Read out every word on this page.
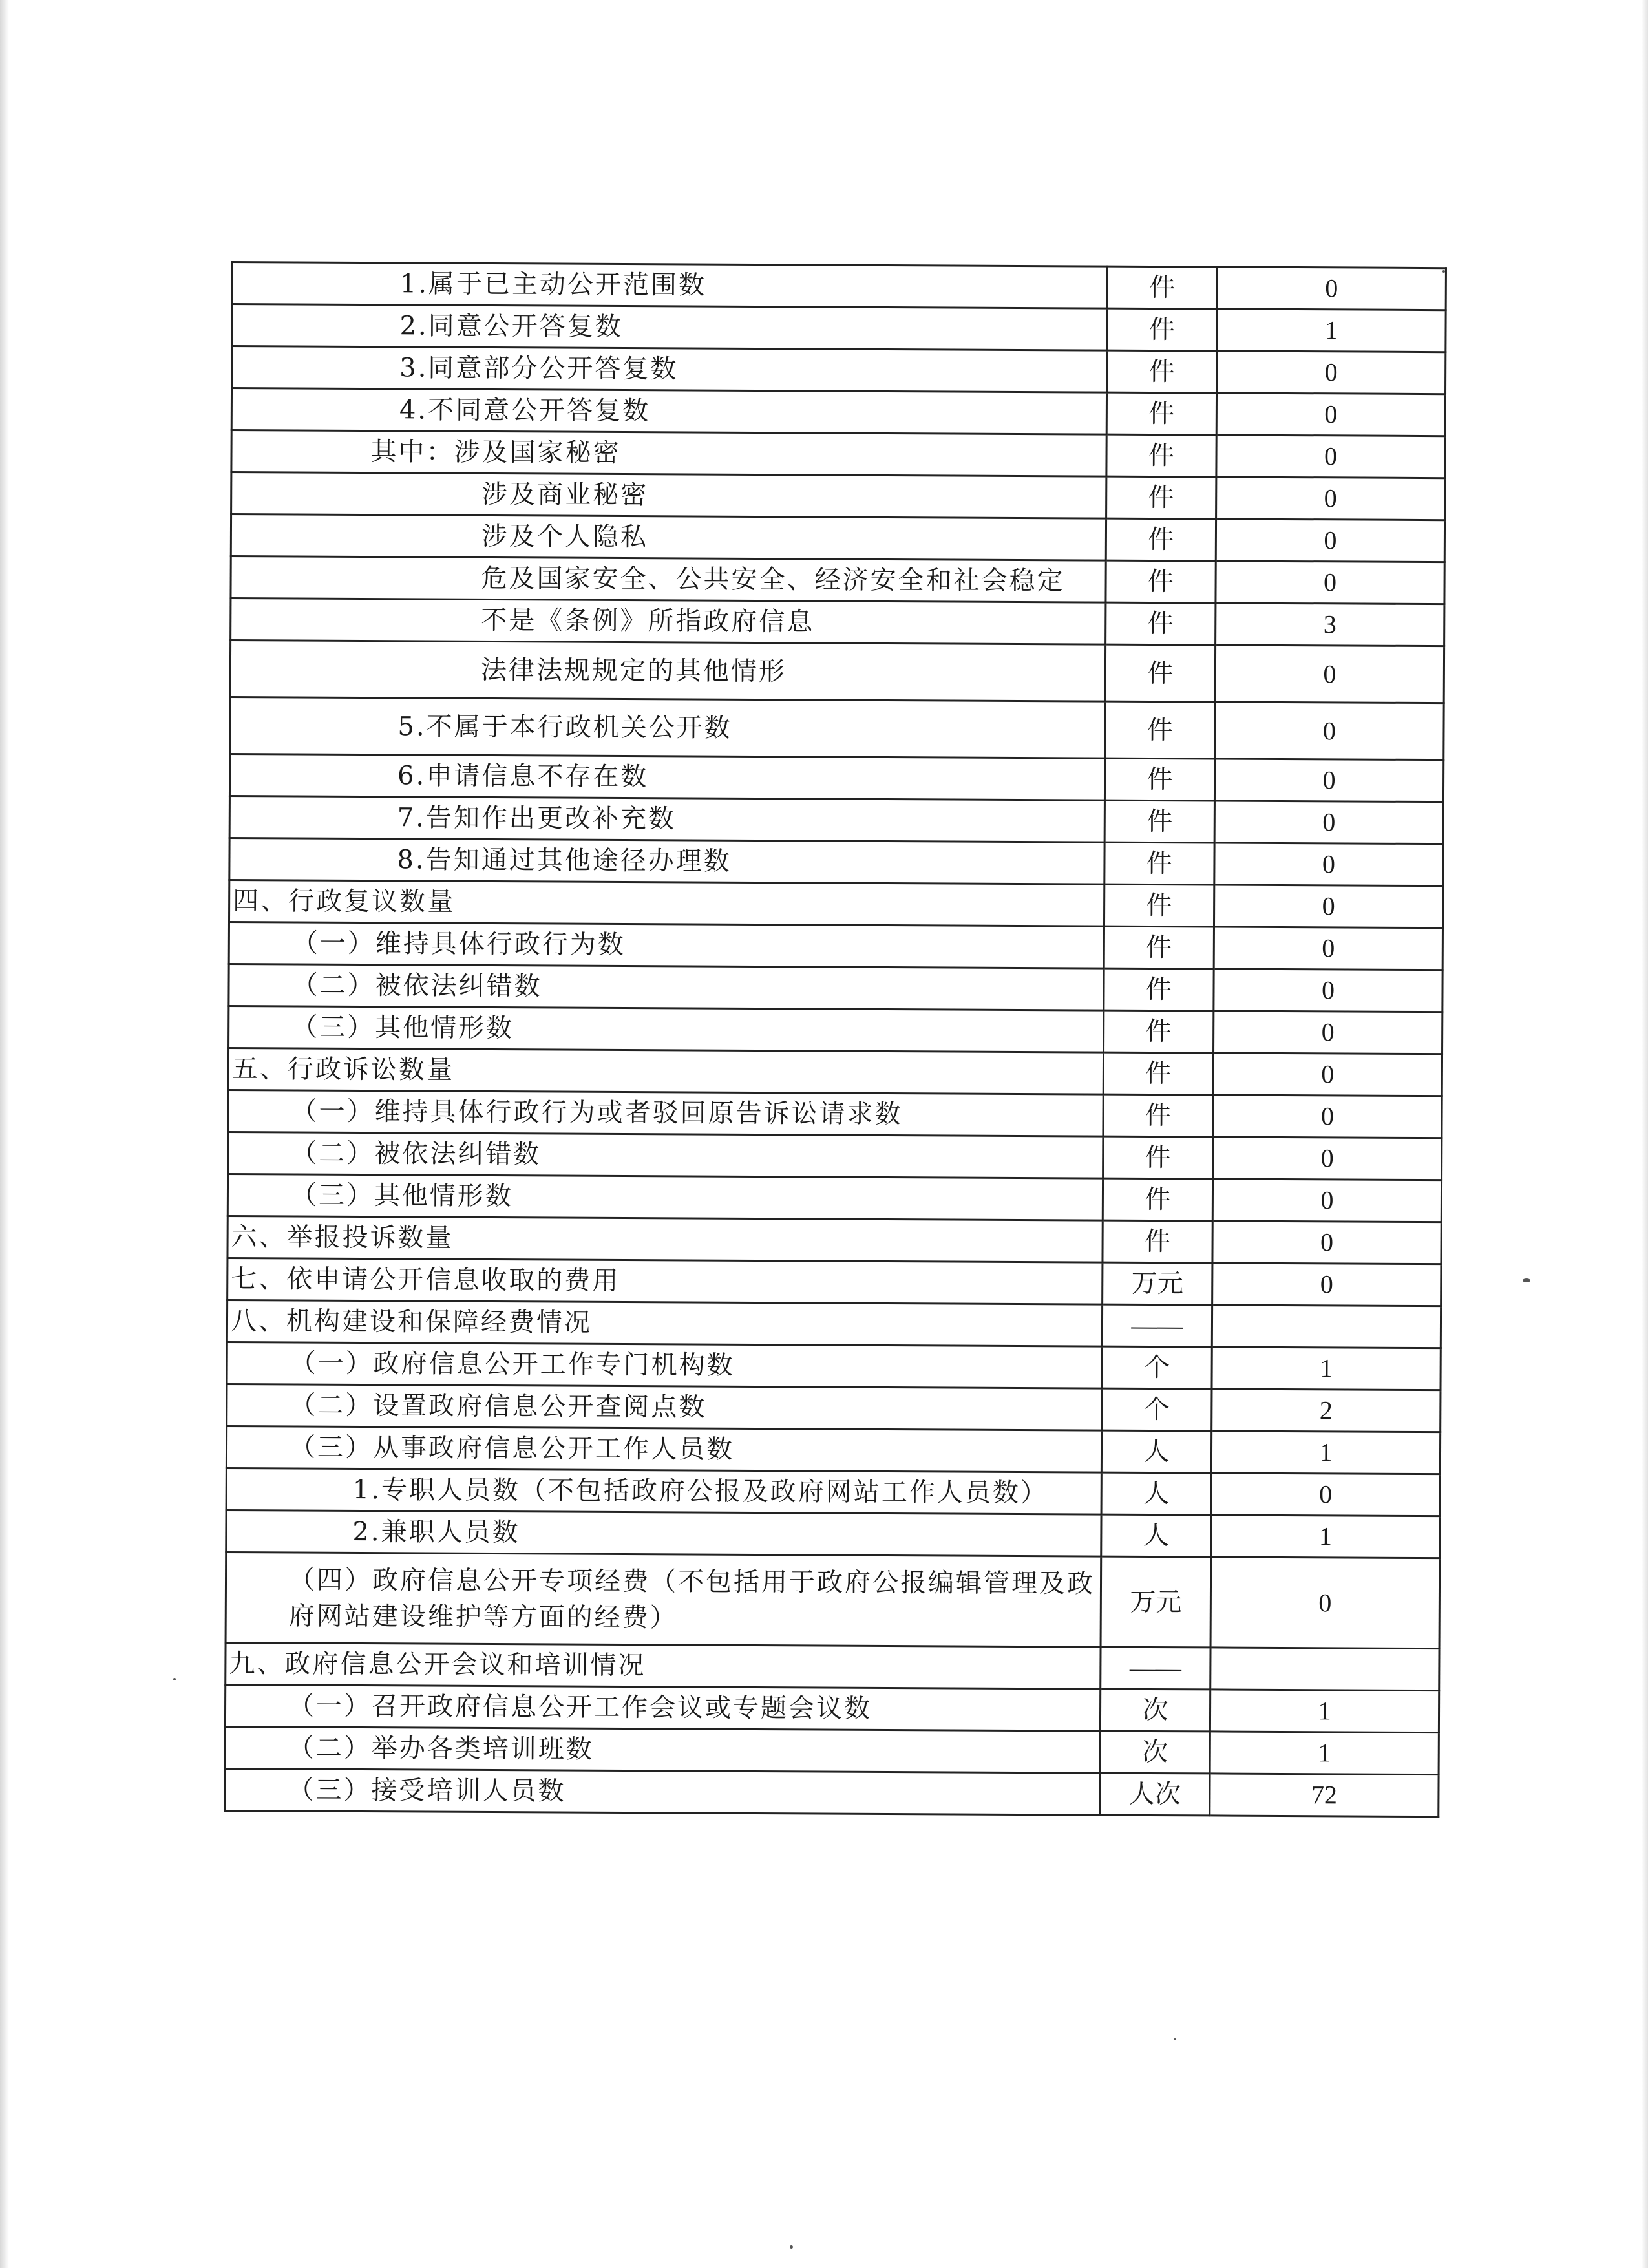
1.属于已主动公开范围数	件	0
2.同意公开答复数	件	1
3.同意部分公开答复数	件	0
4.不同意公开答复数	件	0
其中：涉及国家秘密	件	0
涉及商业秘密	件	0
涉及个人隐私	件	0
危及国家安全、公共安全、经济安全和社会稳定	件	0
不是《条例》所指政府信息	件	3
法律法规规定的其他情形	件	0
5.不属于本行政机关公开数	件	0
6.申请信息不存在数	件	0
7.告知作出更改补充数	件	0
8.告知通过其他途径办理数	件	0
四、行政复议数量	件	0
（一）维持具体行政行为数	件	0
（二）被依法纠错数	件	0
（三）其他情形数	件	0
五、行政诉讼数量	件	0
（一）维持具体行政行为或者驳回原告诉讼请求数	件	0
（二）被依法纠错数	件	0
（三）其他情形数	件	0
六、举报投诉数量	件	0
七、依申请公开信息收取的费用	万元	0
八、机构建设和保障经费情况	——	
（一）政府信息公开工作专门机构数	个	1
（二）设置政府信息公开查阅点数	个	2
（三）从事政府信息公开工作人员数	人	1
1.专职人员数（不包括政府公报及政府网站工作人员数）	人	0
2.兼职人员数	人	1
（四）政府信息公开专项经费（不包括用于政府公报编辑管理及政府网站建设维护等方面的经费）	万元	0
九、政府信息公开会议和培训情况	——	
（一）召开政府信息公开工作会议或专题会议数	次	1
（二）举办各类培训班数	次	1
（三）接受培训人员数	人次	72
